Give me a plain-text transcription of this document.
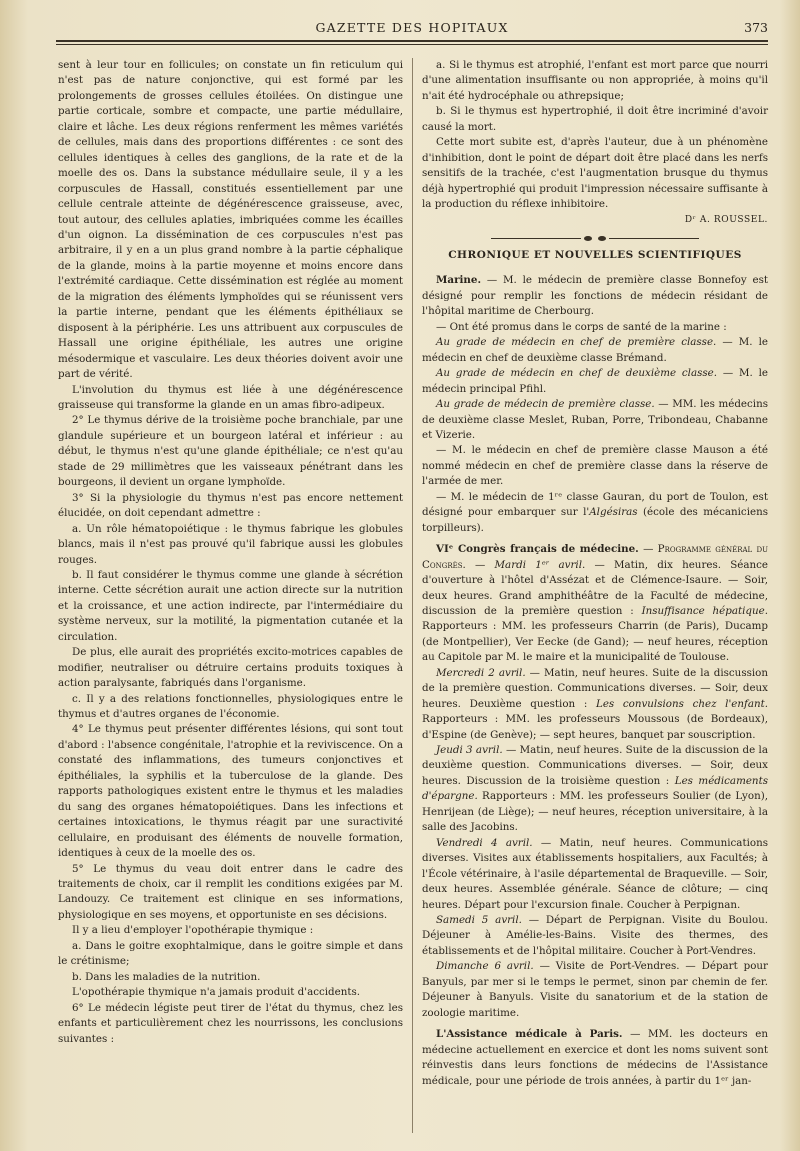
GAZETTE DES HOPITAUX	373

sent à leur tour en follicules; on constate un fin reticulum qui n'est pas de nature conjonctive, qui est formé par les prolongements de grosses cellules étoilées. On distingue une partie corticale, sombre et compacte, une partie médullaire, claire et lâche. Les deux régions renferment les mêmes variétés de cellules, mais dans des proportions différentes : ce sont des cellules identiques à celles des ganglions, de la rate et de la moelle des os. Dans la substance médullaire seule, il y a les corpuscules de Hassall, constitués essentiellement par une cellule centrale atteinte de dégénérescence graisseuse, avec, tout autour, des cellules aplaties, imbriquées comme les écailles d'un oignon. La dissémination de ces corpuscules n'est pas arbitraire, il y en a un plus grand nombre à la partie céphalique de la glande, moins à la partie moyenne et moins encore dans l'extrémité cardiaque. Cette dissémination est réglée au moment de la migration des éléments lymphoïdes qui se réunissent vers la partie interne, pendant que les éléments épithéliaux se disposent à la périphérie. Les uns attribuent aux corpuscules de Hassall une origine épithéliale, les autres une origine mésodermique et vasculaire. Les deux théories doivent avoir une part de vérité.

L'involution du thymus est liée à une dégénérescence graisseuse qui transforme la glande en un amas fibro-adipeux.

2° Le thymus dérive de la troisième poche branchiale, par une glandule supérieure et un bourgeon latéral et inférieur : au début, le thymus n'est qu'une glande épithéliale; ce n'est qu'au stade de 29 millimètres que les vaisseaux pénétrant dans les bourgeons, il devient un organe lymphoïde.

3° Si la physiologie du thymus n'est pas encore nettement élucidée, on doit cependant admettre :

a. Un rôle hématopoiétique : le thymus fabrique les globules blancs, mais il n'est pas prouvé qu'il fabrique aussi les globules rouges.

b. Il faut considérer le thymus comme une glande à sécrétion interne. Cette sécrétion aurait une action directe sur la nutrition et la croissance, et une action indirecte, par l'intermédiaire du système nerveux, sur la motilité, la pigmentation cutanée et la circulation.

De plus, elle aurait des propriétés excito-motrices capables de modifier, neutraliser ou détruire certains produits toxiques à action paralysante, fabriqués dans l'organisme.

c. Il y a des relations fonctionnelles, physiologiques entre le thymus et d'autres organes de l'économie.

4° Le thymus peut présenter différentes lésions, qui sont tout d'abord : l'absence congénitale, l'atrophie et la reviviscence. On a constaté des inflammations, des tumeurs conjonctives et épithéliales, la syphilis et la tuberculose de la glande. Des rapports pathologiques existent entre le thymus et les maladies du sang des organes hématopoiétiques. Dans les infections et certaines intoxications, le thymus réagit par une suractivité cellulaire, en produisant des éléments de nouvelle formation, identiques à ceux de la moelle des os.

5° Le thymus du veau doit entrer dans le cadre des traitements de choix, car il remplit les conditions exigées par M. Landouzy. Ce traitement est clinique en ses informations, physiologique en ses moyens, et opportuniste en ses décisions.

Il y a lieu d'employer l'opothérapie thymique :

a. Dans le goitre exophtalmique, dans le goitre simple et dans le crétinisme;

b. Dans les maladies de la nutrition.

L'opothérapie thymique n'a jamais produit d'accidents.

6° Le médecin légiste peut tirer de l'état du thymus, chez les enfants et particulièrement chez les nourrissons, les conclusions suivantes :

a. Si le thymus est atrophié, l'enfant est mort parce que nourri d'une alimentation insuffisante ou non appropriée, à moins qu'il n'ait été hydrocéphale ou athrepsique;

b. Si le thymus est hypertrophié, il doit être incriminé d'avoir causé la mort.

Cette mort subite est, d'après l'auteur, due à un phénomène d'inhibition, dont le point de départ doit être placé dans les nerfs sensitifs de la trachée, c'est l'augmentation brusque du thymus déjà hypertrophié qui produit l'impression nécessaire suffisante à la production du réflexe inhibitoire.

Dʳ A. ROUSSEL.

CHRONIQUE ET NOUVELLES SCIENTIFIQUES

Marine. — M. le médecin de première classe Bonnefoy est désigné pour remplir les fonctions de médecin résidant de l'hôpital maritime de Cherbourg.

— Ont été promus dans le corps de santé de la marine :

Au grade de médecin en chef de première classe. — M. le médecin en chef de deuxième classe Brémand.

Au grade de médecin en chef de deuxième classe. — M. le médecin principal Pfihl.

Au grade de médecin de première classe. — MM. les médecins de deuxième classe Meslet, Ruban, Porre, Tribondeau, Chabanne et Vizerie.

— M. le médecin en chef de première classe Mauson a été nommé médecin en chef de première classe dans la réserve de l'armée de mer.

— M. le médecin de 1ʳᵉ classe Gauran, du port de Toulon, est désigné pour embarquer sur l'Algésiras (école des mécaniciens torpilleurs).

VIᵉ Congrès français de médecine. — Programme général du Congrès. — Mardi 1ᵉʳ avril. — Matin, dix heures. Séance d'ouverture à l'hôtel d'Assézat et de Clémence-Isaure. — Soir, deux heures. Grand amphithéâtre de la Faculté de médecine, discussion de la première question : Insuffisance hépatique. Rapporteurs : MM. les professeurs Charrin (de Paris), Ducamp (de Montpellier), Ver Eecke (de Gand); — neuf heures, réception au Capitole par M. le maire et la municipalité de Toulouse.

Mercredi 2 avril. — Matin, neuf heures. Suite de la discussion de la première question. Communications diverses. — Soir, deux heures. Deuxième question : Les convulsions chez l'enfant. Rapporteurs : MM. les professeurs Moussous (de Bordeaux), d'Espine (de Genève); — sept heures, banquet par souscription.

Jeudi 3 avril. — Matin, neuf heures. Suite de la discussion de la deuxième question. Communications diverses. — Soir, deux heures. Discussion de la troisième question : Les médicaments d'épargne. Rapporteurs : MM. les professeurs Soulier (de Lyon), Henrijean (de Liège); — neuf heures, réception universitaire, à la salle des Jacobins.

Vendredi 4 avril. — Matin, neuf heures. Communications diverses. Visites aux établissements hospitaliers, aux Facultés; à l'École vétérinaire, à l'asile départemental de Braqueville. — Soir, deux heures. Assemblée générale. Séance de clôture; — cinq heures. Départ pour l'excursion finale. Coucher à Perpignan.

Samedi 5 avril. — Départ de Perpignan. Visite du Boulou. Déjeuner à Amélie-les-Bains. Visite des thermes, des établissements et de l'hôpital militaire. Coucher à Port-Vendres.

Dimanche 6 avril. — Visite de Port-Vendres. — Départ pour Banyuls, par mer si le temps le permet, sinon par chemin de fer. Déjeuner à Banyuls. Visite du sanatorium et de la station de zoologie maritime.

L'Assistance médicale à Paris. — MM. les docteurs en médecine actuellement en exercice et dont les noms suivent sont réinvestis dans leurs fonctions de médecins de l'Assistance médicale, pour une période de trois années, à partir du 1ᵉʳ jan-
